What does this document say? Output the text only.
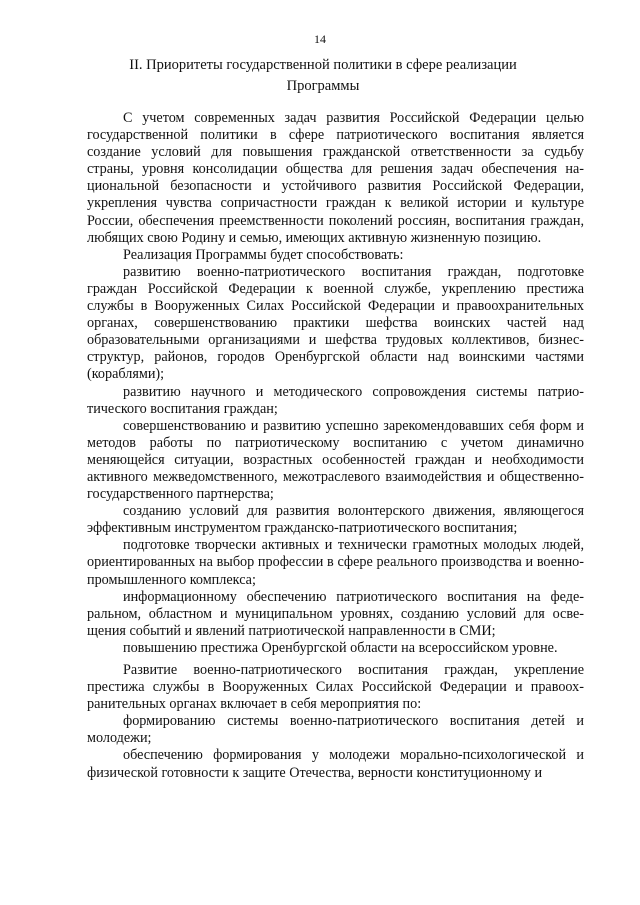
14
II. Приоритеты государственной политики в сфере реализации
Программы

С учетом современных задач развития Российской Федерации целью государственной политики в сфере патриотического воспитания является создание условий для повышения гражданской ответственности за судьбу страны, уровня консолидации общества для решения задач обеспечения национальной безопасности и устойчивого развития Российской Федерации, укрепления чувства сопричастности граждан к великой истории и культуре России, обеспечения преемственности поколений россиян, воспитания граждан, любящих свою Родину и семью, имеющих активную жизненную позицию.

Реализация Программы будет способствовать:

развитию военно-патриотического воспитания граждан, подготовке граждан Российской Федерации к военной службе, укреплению престижа службы в Вооруженных Силах Российской Федерации и правоохранительных органах, совершенствованию практики шефства воинских частей над образовательными организациями и шефства трудовых коллективов, бизнес-структур, районов, городов Оренбургской области над воинскими частями (кораблями);

развитию научного и методического сопровождения системы патриотического воспитания граждан;

совершенствованию и развитию успешно зарекомендовавших себя форм и методов работы по патриотическому воспитанию с учетом динамично меняющейся ситуации, возрастных особенностей граждан и необходимости активного межведомственного, межотраслевого взаимодействия и общественно-государственного партнерства;

созданию условий для развития волонтерского движения, являющегося эффективным инструментом гражданско-патриотического воспитания;

подготовке творчески активных и технически грамотных молодых людей, ориентированных на выбор профессии в сфере реального производства и военно-промышленного комплекса;

информационному обеспечению патриотического воспитания на федеральном, областном и муниципальном уровнях, созданию условий для освещения событий и явлений патриотической направленности в СМИ;

повышению престижа Оренбургской области на всероссийском уровне.

Развитие военно-патриотического воспитания граждан, укрепление престижа службы в Вооруженных Силах Российской Федерации и правоохранительных органах включает в себя мероприятия по:

формированию системы военно-патриотического воспитания детей и молодежи;

обеспечению формирования у молодежи морально-психологической и физической готовности к защите Отечества, верности конституционному и
